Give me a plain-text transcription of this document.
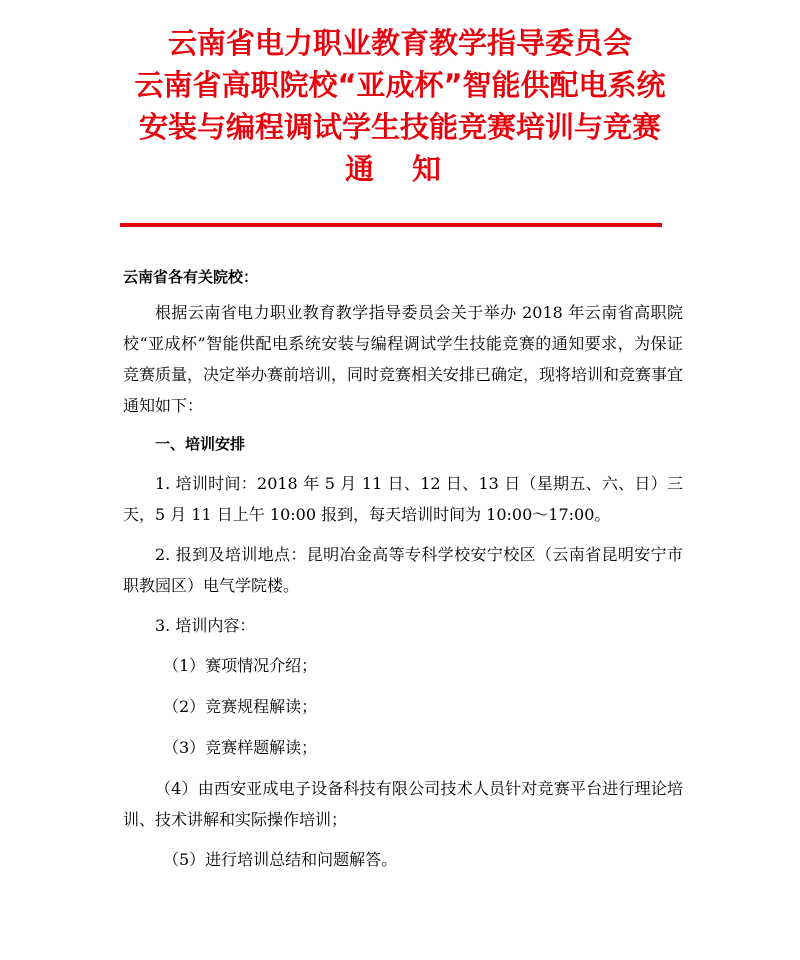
云南省电力职业教育教学指导委员会
云南省高职院校“亚成杯”智能供配电系统
安装与编程调试学生技能竞赛培训与竞赛
通 知

云南省各有关院校：

根据云南省电力职业教育教学指导委员会关于举办 2018 年云南省高职院校“亚成杯”智能供配电系统安装与编程调试学生技能竞赛的通知要求，为保证竞赛质量，决定举办赛前培训，同时竞赛相关安排已确定，现将培训和竞赛事宜通知如下：

一、培训安排

1. 培训时间：2018 年 5 月 11 日、12 日、13 日（星期五、六、日）三天，5 月 11 日上午 10:00 报到，每天培训时间为 10:00～17:00。

2. 报到及培训地点：昆明冶金高等专科学校安宁校区（云南省昆明安宁市职教园区）电气学院楼。

3. 培训内容：

（1）赛项情况介绍；

（2）竞赛规程解读；

（3）竞赛样题解读；

（4）由西安亚成电子设备科技有限公司技术人员针对竞赛平台进行理论培训、技术讲解和实际操作培训；

（5）进行培训总结和问题解答。
